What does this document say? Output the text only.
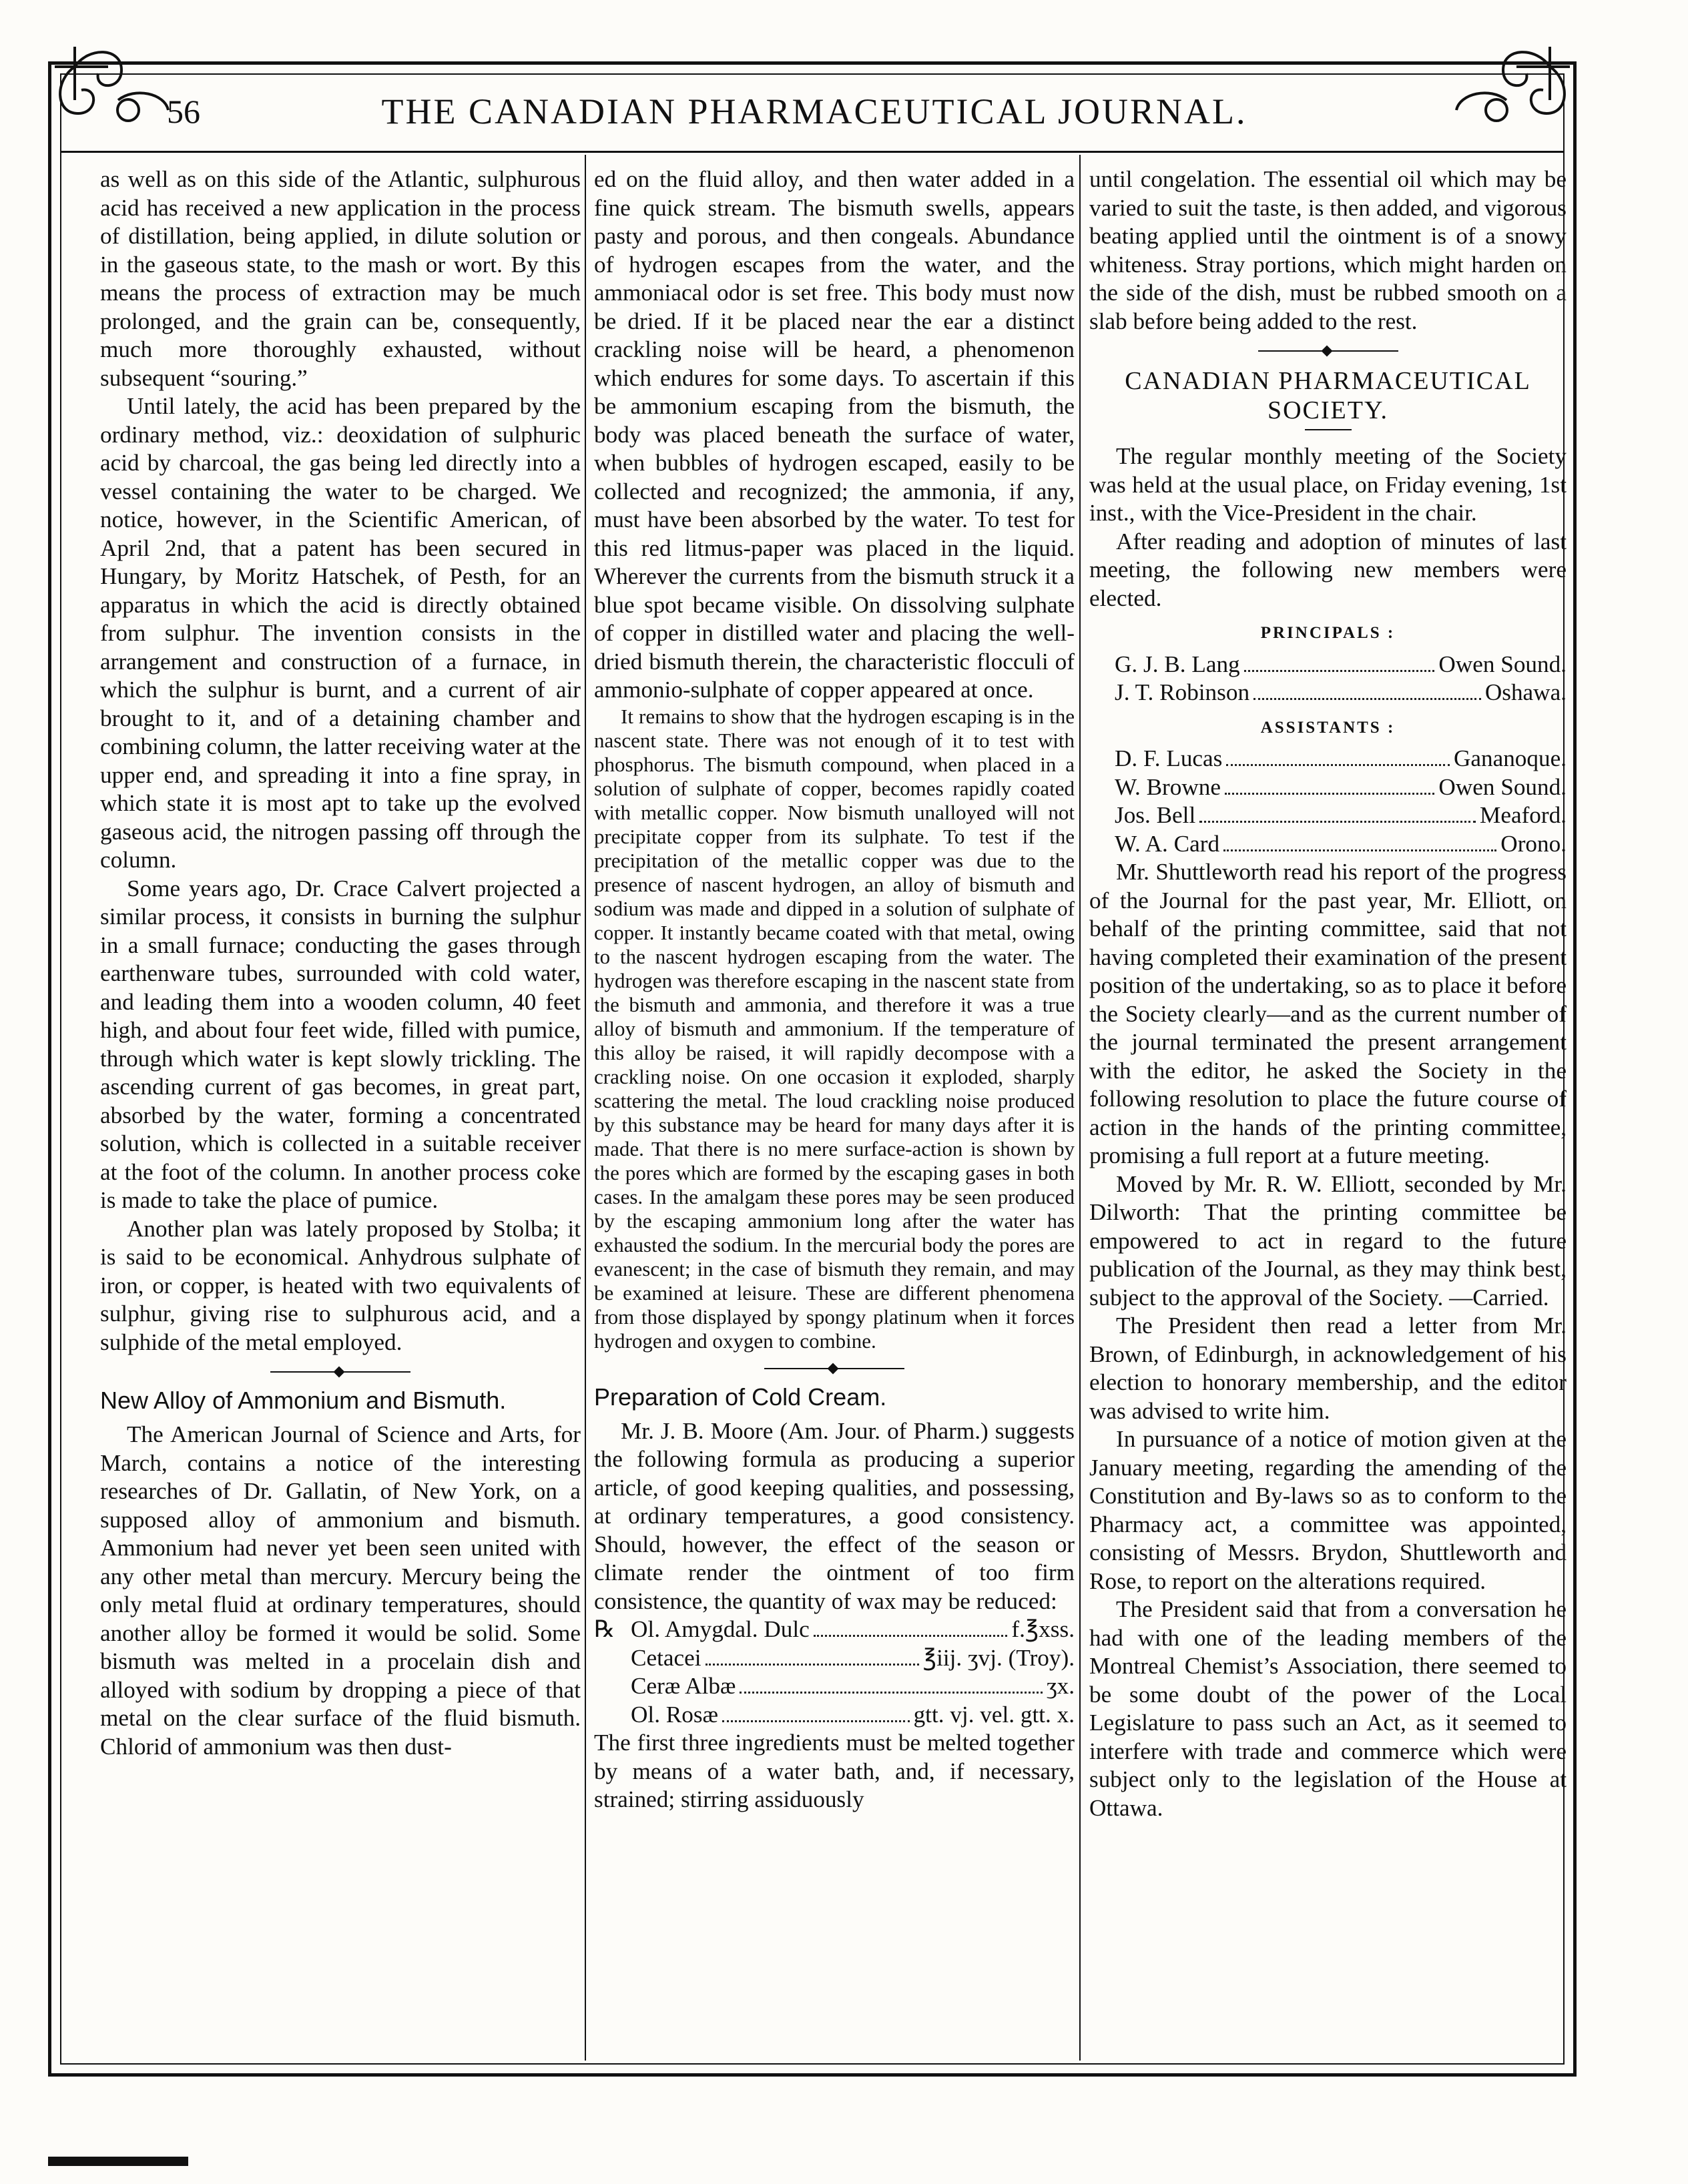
56	THE CANADIAN PHARMACEUTICAL JOURNAL.

as well as on this side of the Atlantic, sulphurous acid has received a new application in the process of distillation, being applied, in dilute solution or in the gaseous state, to the mash or wort. By this means the process of extraction may be much prolonged, and the grain can be, consequently, much more thoroughly exhausted, without subsequent “souring.”

Until lately, the acid has been prepared by the ordinary method, viz.: deoxidation of sulphuric acid by charcoal, the gas being led directly into a vessel containing the water to be charged. We notice, however, in the Scientific American, of April 2nd, that a patent has been secured in Hungary, by Moritz Hatschek, of Pesth, for an apparatus in which the acid is directly obtained from sulphur. The invention consists in the arrangement and construction of a furnace, in which the sulphur is burnt, and a current of air brought to it, and of a detaining chamber and combining column, the latter receiving water at the upper end, and spreading it into a fine spray, in which state it is most apt to take up the evolved gaseous acid, the nitrogen passing off through the column.

Some years ago, Dr. Crace Calvert projected a similar process, it consists in burning the sulphur in a small furnace; conducting the gases through earthenware tubes, surrounded with cold water, and leading them into a wooden column, 40 feet high, and about four feet wide, filled with pumice, through which water is kept slowly trickling. The ascending current of gas becomes, in great part, absorbed by the water, forming a concentrated solution, which is collected in a suitable receiver at the foot of the column. In another process coke is made to take the place of pumice.

Another plan was lately proposed by Stolba; it is said to be economical. Anhydrous sulphate of iron, or copper, is heated with two equivalents of sulphur, giving rise to sulphurous acid, and a sulphide of the metal employed.

New Alloy of Ammonium and Bismuth.

The American Journal of Science and Arts, for March, contains a notice of the interesting researches of Dr. Gallatin, of New York, on a supposed alloy of ammonium and bismuth. Ammonium had never yet been seen united with any other metal than mercury. Mercury being the only metal fluid at ordinary temperatures, should another alloy be formed it would be solid. Some bismuth was melted in a procelain dish and alloyed with sodium by dropping a piece of that metal on the clear surface of the fluid bismuth. Chlorid of ammonium was then dust-

ed on the fluid alloy, and then water added in a fine quick stream. The bismuth swells, appears pasty and porous, and then congeals. Abundance of hydrogen escapes from the water, and the ammoniacal odor is set free. This body must now be dried. If it be placed near the ear a distinct crackling noise will be heard, a phenomenon which endures for some days. To ascertain if this be ammonium escaping from the bismuth, the body was placed beneath the surface of water, when bubbles of hydrogen escaped, easily to be collected and recognized; the ammonia, if any, must have been absorbed by the water. To test for this red litmus-paper was placed in the liquid. Wherever the currents from the bismuth struck it a blue spot became visible. On dissolving sulphate of copper in distilled water and placing the well-dried bismuth therein, the characteristic flocculi of ammonio-sulphate of copper appeared at once.

It remains to show that the hydrogen escaping is in the nascent state. There was not enough of it to test with phosphorus. The bismuth compound, when placed in a solution of sulphate of copper, becomes rapidly coated with metallic copper. Now bismuth unalloyed will not precipitate copper from its sulphate. To test if the precipitation of the metallic copper was due to the presence of nascent hydrogen, an alloy of bismuth and sodium was made and dipped in a solution of sulphate of copper. It instantly became coated with that metal, owing to the nascent hydrogen escaping from the water. The hydrogen was therefore escaping in the nascent state from the bismuth and ammonia, and therefore it was a true alloy of bismuth and ammonium. If the temperature of this alloy be raised, it will rapidly decompose with a crackling noise. On one occasion it exploded, sharply scattering the metal. The loud crackling noise produced by this substance may be heard for many days after it is made. That there is no mere surface-action is shown by the pores which are formed by the escaping gases in both cases. In the amalgam these pores may be seen produced by the escaping ammonium long after the water has exhausted the sodium. In the mercurial body the pores are evanescent; in the case of bismuth they remain, and may be examined at leisure. These are different phenomena from those displayed by spongy platinum when it forces hydrogen and oxygen to combine.

Preparation of Cold Cream.

Mr. J. B. Moore (Am. Jour. of Pharm.) suggests the following formula as producing a superior article, of good keeping qualities, and possessing, at ordinary temperatures, a good consistency. Should, however, the effect of the season or climate render the ointment of too firm consistence, the quantity of wax may be reduced:

℞ Ol. Amygdal. Dulc	f.℥xss.
Cetacei	℥iij. ʒvj. (Troy).
Ceræ Albæ	ʒx.
Ol. Rosæ	gtt. vj. vel. gtt. x.

The first three ingredients must be melted together by means of a water bath, and, if necessary, strained; stirring assiduously

until congelation. The essential oil which may be varied to suit the taste, is then added, and vigorous beating applied until the ointment is of a snowy whiteness. Stray portions, which might harden on the side of the dish, must be rubbed smooth on a slab before being added to the rest.

CANADIAN PHARMACEUTICAL
SOCIETY.

The regular monthly meeting of the Society was held at the usual place, on Friday evening, 1st inst., with the Vice-President in the chair.

After reading and adoption of minutes of last meeting, the following new members were elected.

PRINCIPALS :
G. J. B. Lang	Owen Sound.
J. T. Robinson	Oshawa.
ASSISTANTS :
D. F. Lucas	Gananoque.
W. Browne	Owen Sound.
Jos. Bell	Meaford.
W. A. Card	Orono.

Mr. Shuttleworth read his report of the progress of the Journal for the past year, Mr. Elliott, on behalf of the printing committee, said that not having completed their examination of the present position of the undertaking, so as to place it before the Society clearly—and as the current number of the journal terminated the present arrangement with the editor, he asked the Society in the following resolution to place the future course of action in the hands of the printing committee, promising a full report at a future meeting.

Moved by Mr. R. W. Elliott, seconded by Mr. Dilworth: That the printing committee be empowered to act in regard to the future publication of the Journal, as they may think best, subject to the approval of the Society. —Carried.

The President then read a letter from Mr. Brown, of Edinburgh, in acknowledgement of his election to honorary membership, and the editor was advised to write him.

In pursuance of a notice of motion given at the January meeting, regarding the amending of the Constitution and By-laws so as to conform to the Pharmacy act, a committee was appointed, consisting of Messrs. Brydon, Shuttleworth and Rose, to report on the alterations required.

The President said that from a conversation he had with one of the leading members of the Montreal Chemist’s Association, there seemed to be some doubt of the power of the Local Legislature to pass such an Act, as it seemed to interfere with trade and commerce which were subject only to the legislation of the House at Ottawa.
